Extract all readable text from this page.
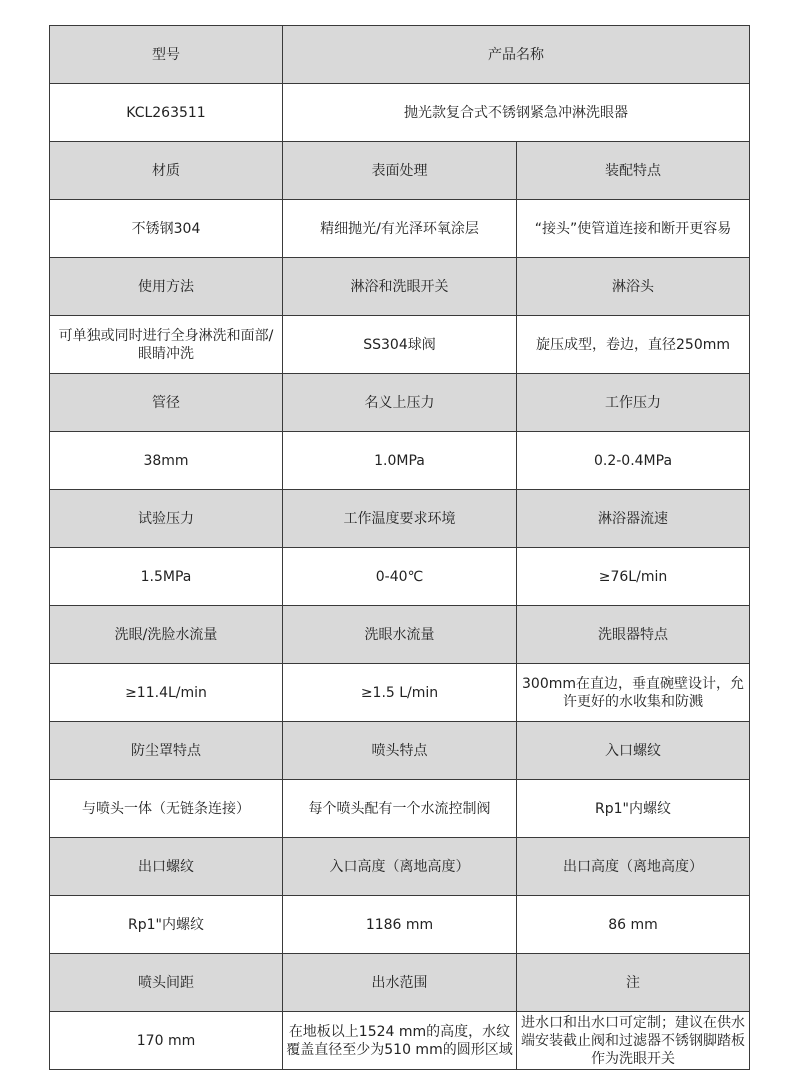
型号	产品名称	
KCL263511	抛光款复合式不锈钢紧急冲淋洗眼器	
材质	表面处理	装配特点
不锈钢304	精细抛光/有光泽环氧涂层	“接头”使管道连接和断开更容易
使用方法	淋浴和洗眼开关	淋浴头
可单独或同时进行全身淋洗和面部/眼睛冲洗	SS304球阀	旋压成型，卷边，直径250mm
管径	名义上压力	工作压力
38mm	1.0MPa	0.2-0.4MPa
试验压力	工作温度要求环境	淋浴器流速
1.5MPa	0-40℃	≥76L/min
洗眼/洗脸水流量	洗眼水流量	洗眼器特点
≥11.4L/min	≥1.5 L/min	300mm在直边，垂直碗壁设计，允许更好的水收集和防溅
防尘罩特点	喷头特点	入口螺纹
与喷头一体（无链条连接）	每个喷头配有一个水流控制阀	Rp1"内螺纹
出口螺纹	入口高度（离地高度）	出口高度（离地高度）
Rp1"内螺纹	1186 mm	86 mm
喷头间距	出水范围	注
170 mm	在地板以上1524 mm的高度，水纹覆盖直径至少为510 mm的圆形区域	进水口和出水口可定制；建议在供水端安装截止阀和过滤器不锈钢脚踏板作为洗眼开关
